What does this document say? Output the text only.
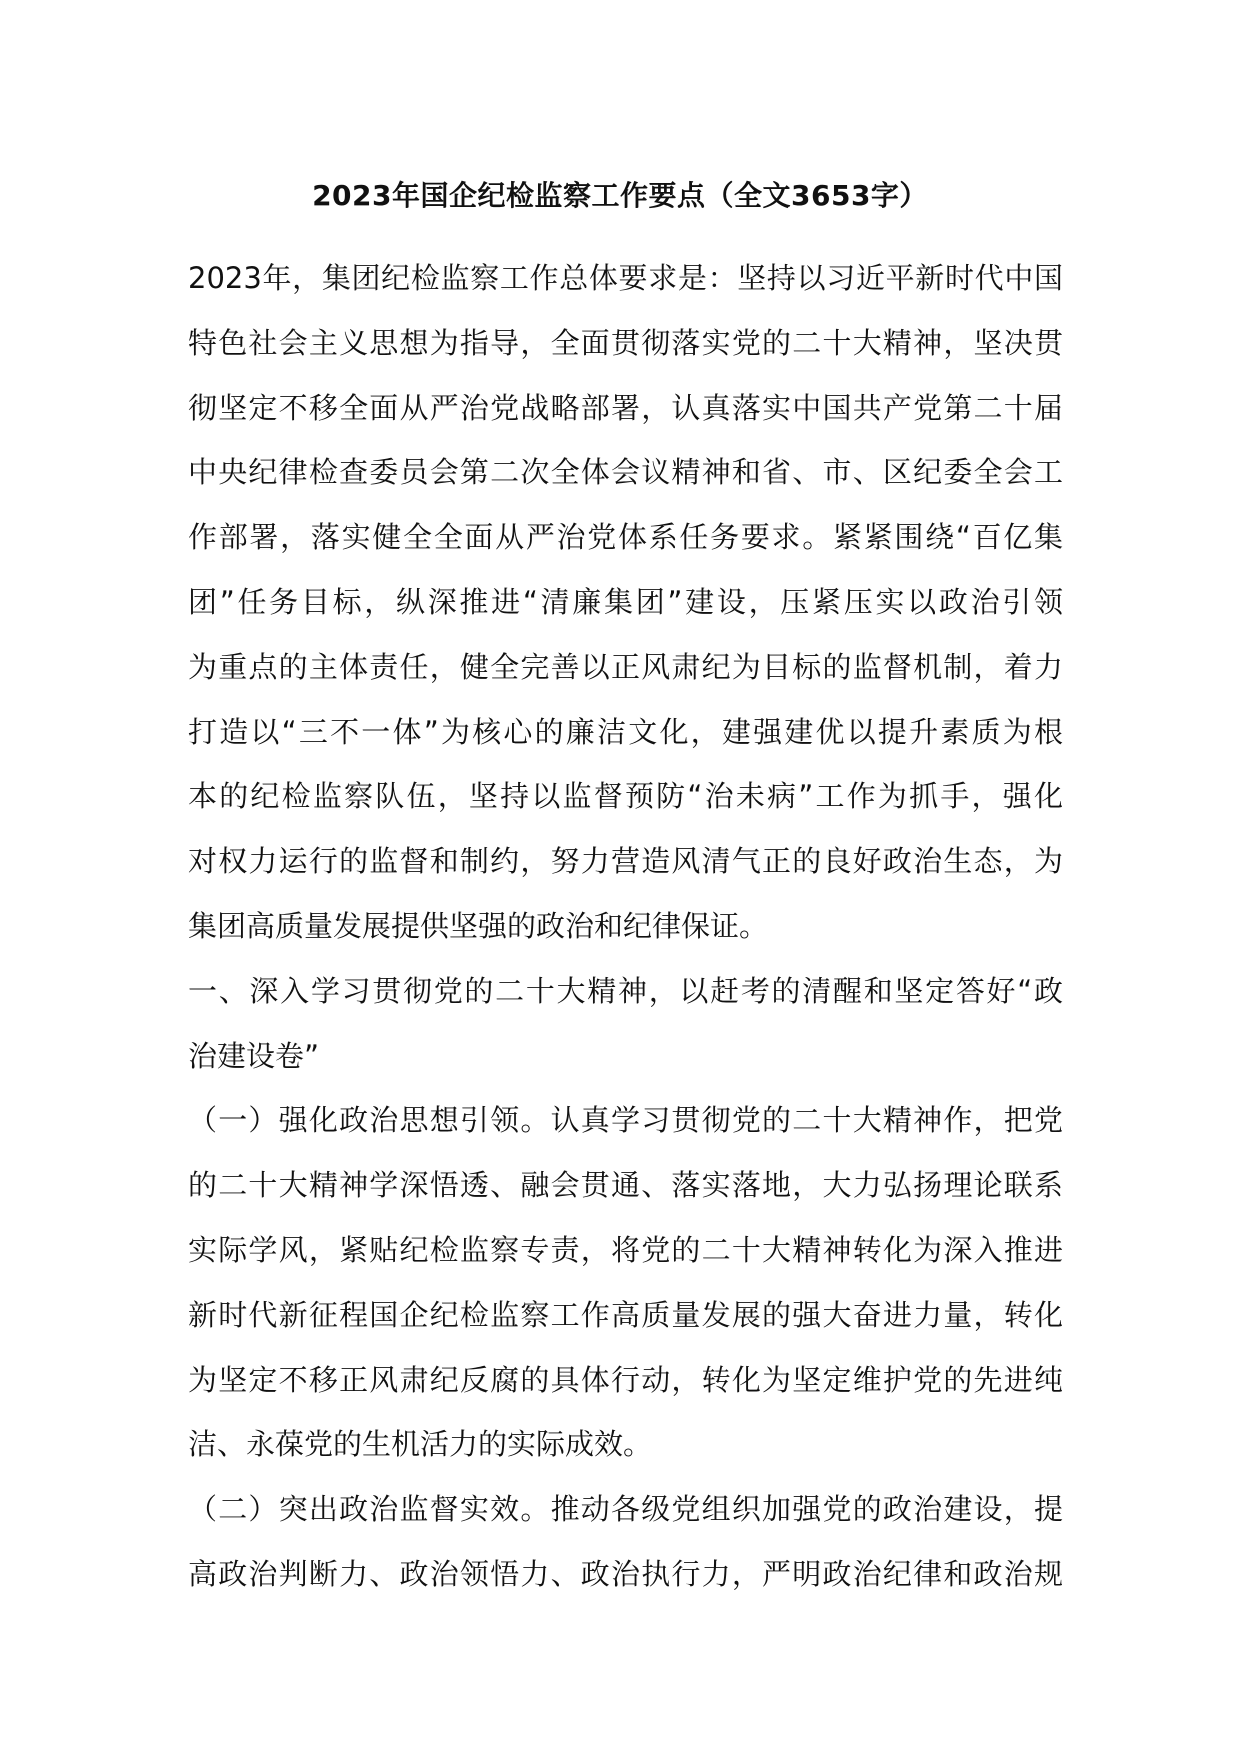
2023年国企纪检监察工作要点（全文3653字）
2023年，集团纪检监察工作总体要求是：坚持以习近平新时代中国
特色社会主义思想为指导，全面贯彻落实党的二十大精神，坚决贯
彻坚定不移全面从严治党战略部署，认真落实中国共产党第二十届
中央纪律检查委员会第二次全体会议精神和省、市、区纪委全会工
作部署，落实健全全面从严治党体系任务要求。紧紧围绕“百亿集
团”任务目标，纵深推进“清廉集团”建设，压紧压实以政治引领
为重点的主体责任，健全完善以正风肃纪为目标的监督机制，着力
打造以“三不一体”为核心的廉洁文化，建强建优以提升素质为根
本的纪检监察队伍，坚持以监督预防“治未病”工作为抓手，强化
对权力运行的监督和制约，努力营造风清气正的良好政治生态，为
集团高质量发展提供坚强的政治和纪律保证。
一、深入学习贯彻党的二十大精神，以赶考的清醒和坚定答好“政
治建设卷”
（一）强化政治思想引领。认真学习贯彻党的二十大精神作，把党
的二十大精神学深悟透、融会贯通、落实落地，大力弘扬理论联系
实际学风，紧贴纪检监察专责，将党的二十大精神转化为深入推进
新时代新征程国企纪检监察工作高质量发展的强大奋进力量，转化
为坚定不移正风肃纪反腐的具体行动，转化为坚定维护党的先进纯
洁、永葆党的生机活力的实际成效。
（二）突出政治监督实效。推动各级党组织加强党的政治建设，提
高政治判断力、政治领悟力、政治执行力，严明政治纪律和政治规
